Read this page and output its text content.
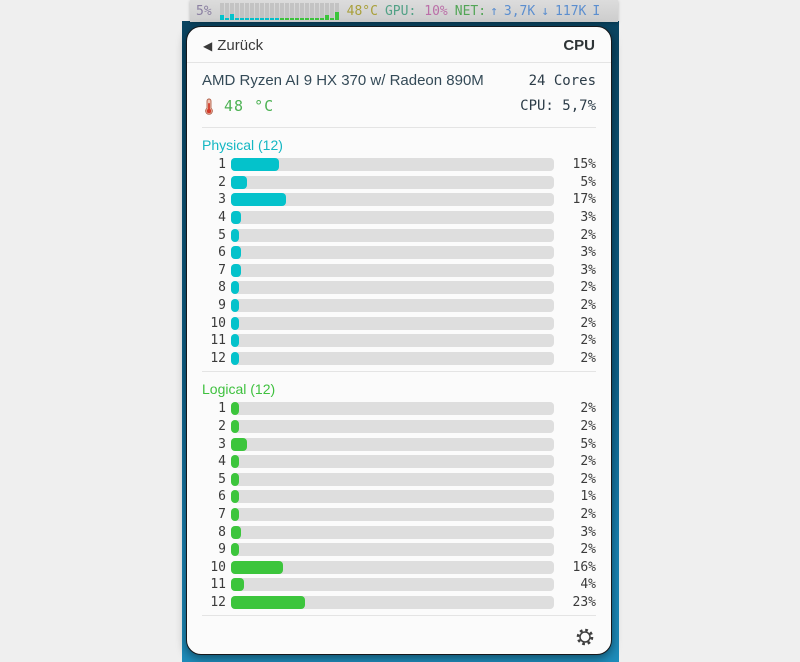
5%	48°C GPU: 10% NET: ↑ 3,7K ↓ 117K I
◀ Zurück	CPU
AMD Ryzen AI 9 HX 370 w/ Radeon 890M	24 Cores
48 °C	CPU: 5,7%
Physical (12)
1	15%
2	5%
3	17%
4	3%
5	2%
6	3%
7	3%
8	2%
9	2%
10	2%
11	2%
12	2%
Logical (12)
1	2%
2	2%
3	5%
4	2%
5	2%
6	1%
7	2%
8	3%
9	2%
10	16%
11	4%
12	23%
